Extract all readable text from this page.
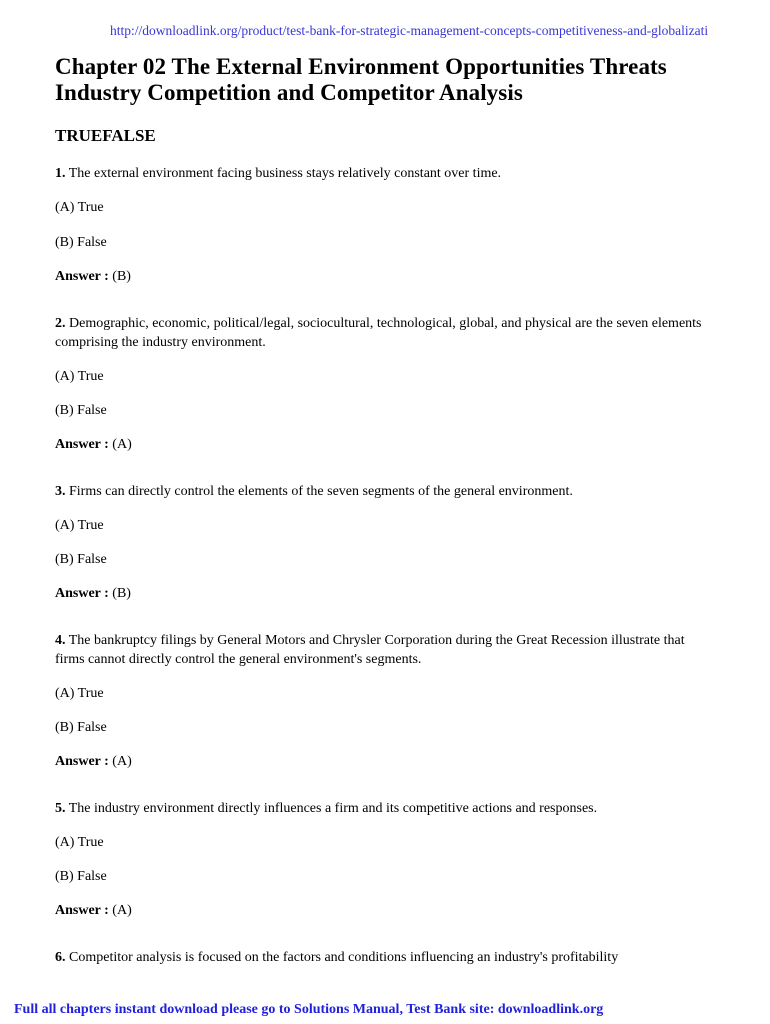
http://downloadlink.org/product/test-bank-for-strategic-management-concepts-competitiveness-and-globalizati
Chapter 02 The External Environment Opportunities Threats Industry Competition and Competitor Analysis
TRUEFALSE

1. The external environment facing business stays relatively constant over time.

(A) True

(B) False

Answer : (B)

2. Demographic, economic, political/legal, sociocultural, technological, global, and physical are the seven elements comprising the industry environment.

(A) True

(B) False

Answer : (A)

3. Firms can directly control the elements of the seven segments of the general environment.

(A) True

(B) False

Answer : (B)

4. The bankruptcy filings by General Motors and Chrysler Corporation during the Great Recession illustrate that firms cannot directly control the general environment's segments.

(A) True

(B) False

Answer : (A)

5. The industry environment directly influences a firm and its competitive actions and responses.

(A) True

(B) False

Answer : (A)

6. Competitor analysis is focused on the factors and conditions influencing an industry's profitability

Full all chapters instant download please go to Solutions Manual, Test Bank site: downloadlink.org
